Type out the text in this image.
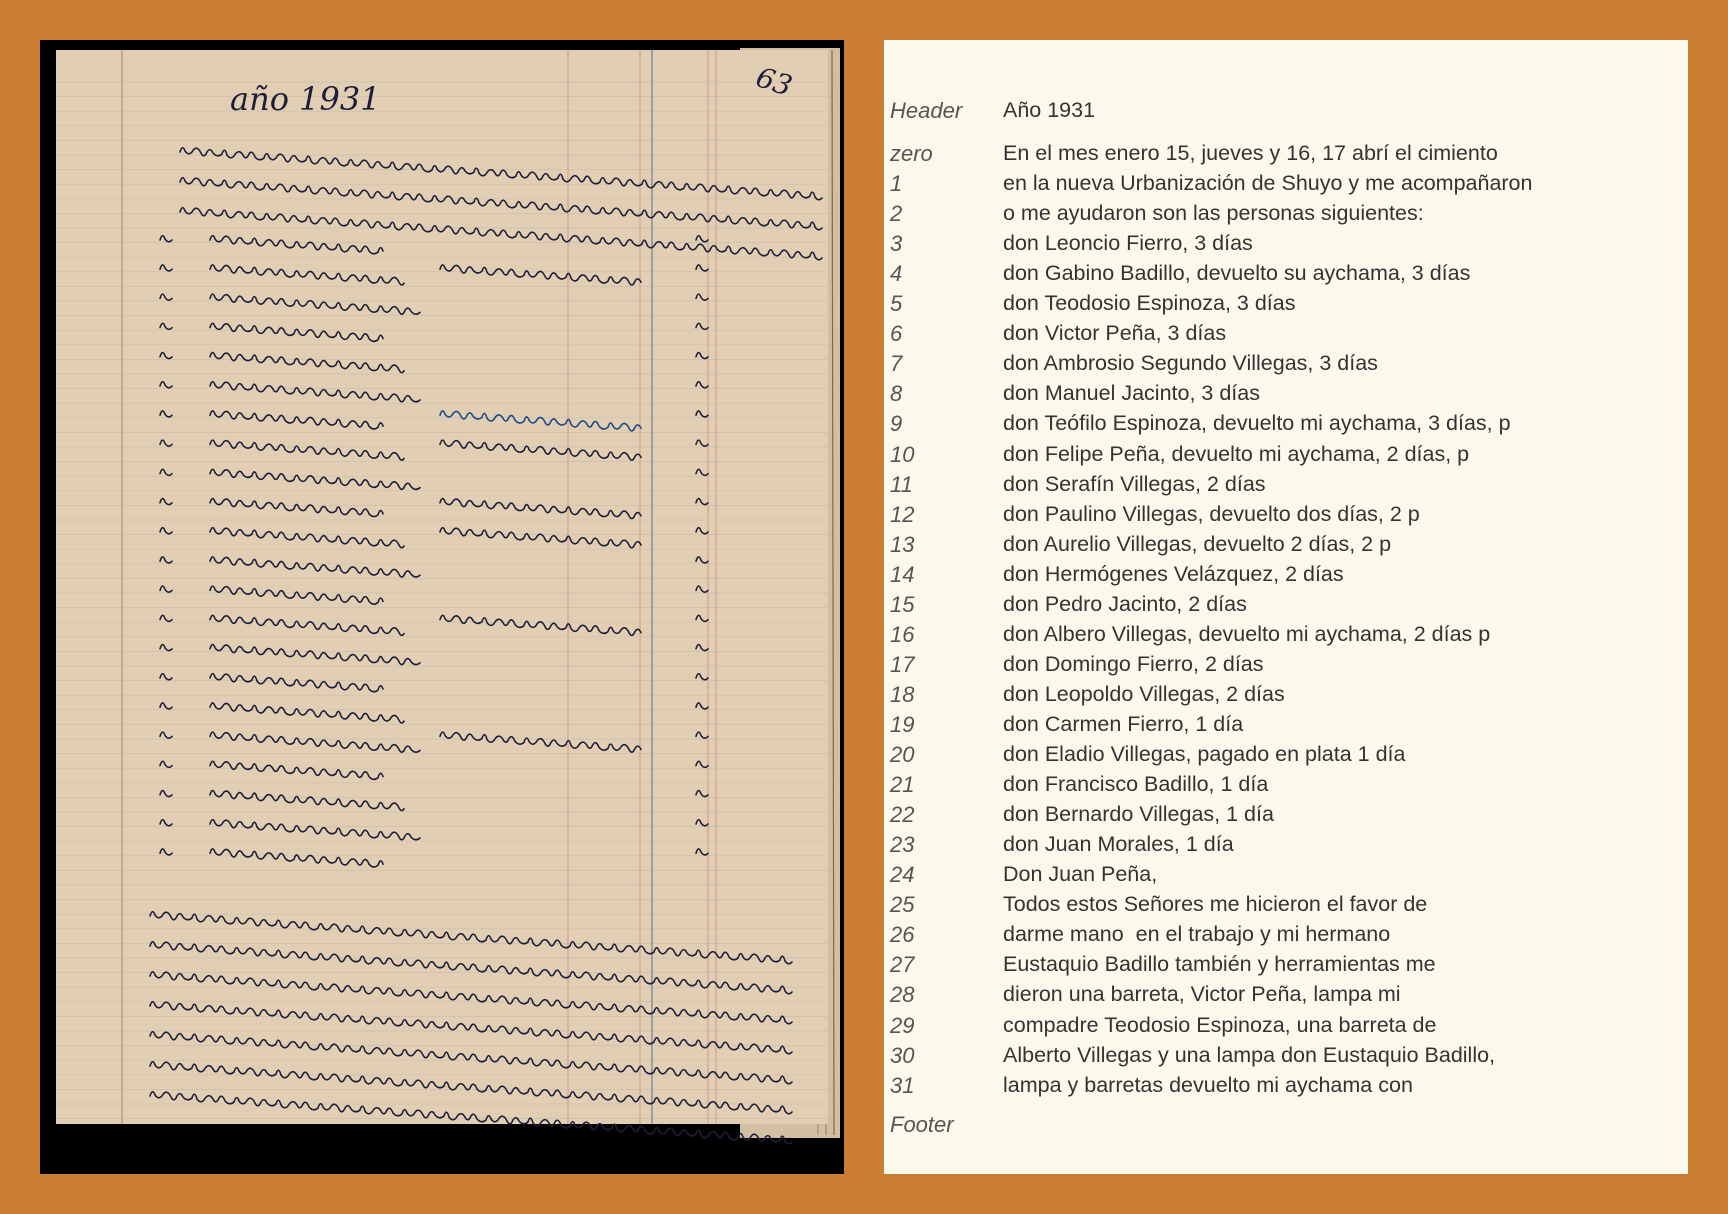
año 1931	63
Header Año 1931
zero	En el mes enero 15, jueves y 16, 17 abrí el cimiento
1	en la nueva Urbanización de Shuyo y me acompañaron
2	o me ayudaron son las personas siguientes:
3	don Leoncio Fierro, 3 días
4	don Gabino Badillo, devuelto su aychama, 3 días
5	don Teodosio Espinoza, 3 días
6	don Victor Peña, 3 días
7	don Ambrosio Segundo Villegas, 3 días
8	don Manuel Jacinto, 3 días
9	don Teófilo Espinoza, devuelto mi aychama, 3 días, p
10	don Felipe Peña, devuelto mi aychama, 2 días, p
11	don Serafín Villegas, 2 días
12	don Paulino Villegas, devuelto dos días, 2 p
13	don Aurelio Villegas, devuelto 2 días, 2 p
14	don Hermógenes Velázquez, 2 días
15	don Pedro Jacinto, 2 días
16	don Albero Villegas, devuelto mi aychama, 2 días p
17	don Domingo Fierro, 2 días
18	don Leopoldo Villegas, 2 días
19	don Carmen Fierro, 1 día
20	don Eladio Villegas, pagado en plata 1 día
21	don Francisco Badillo, 1 día
22	don Bernardo Villegas, 1 día
23	don Juan Morales, 1 día
24	Don Juan Peña,
25	Todos estos Señores me hicieron el favor de
26	darme mano  en el trabajo y mi hermano
27	Eustaquio Badillo también y herramientas me
28	dieron una barreta, Victor Peña, lampa mi
29	compadre Teodosio Espinoza, una barreta de
30	Alberto Villegas y una lampa don Eustaquio Badillo,
31	lampa y barretas devuelto mi aychama con
Footer
